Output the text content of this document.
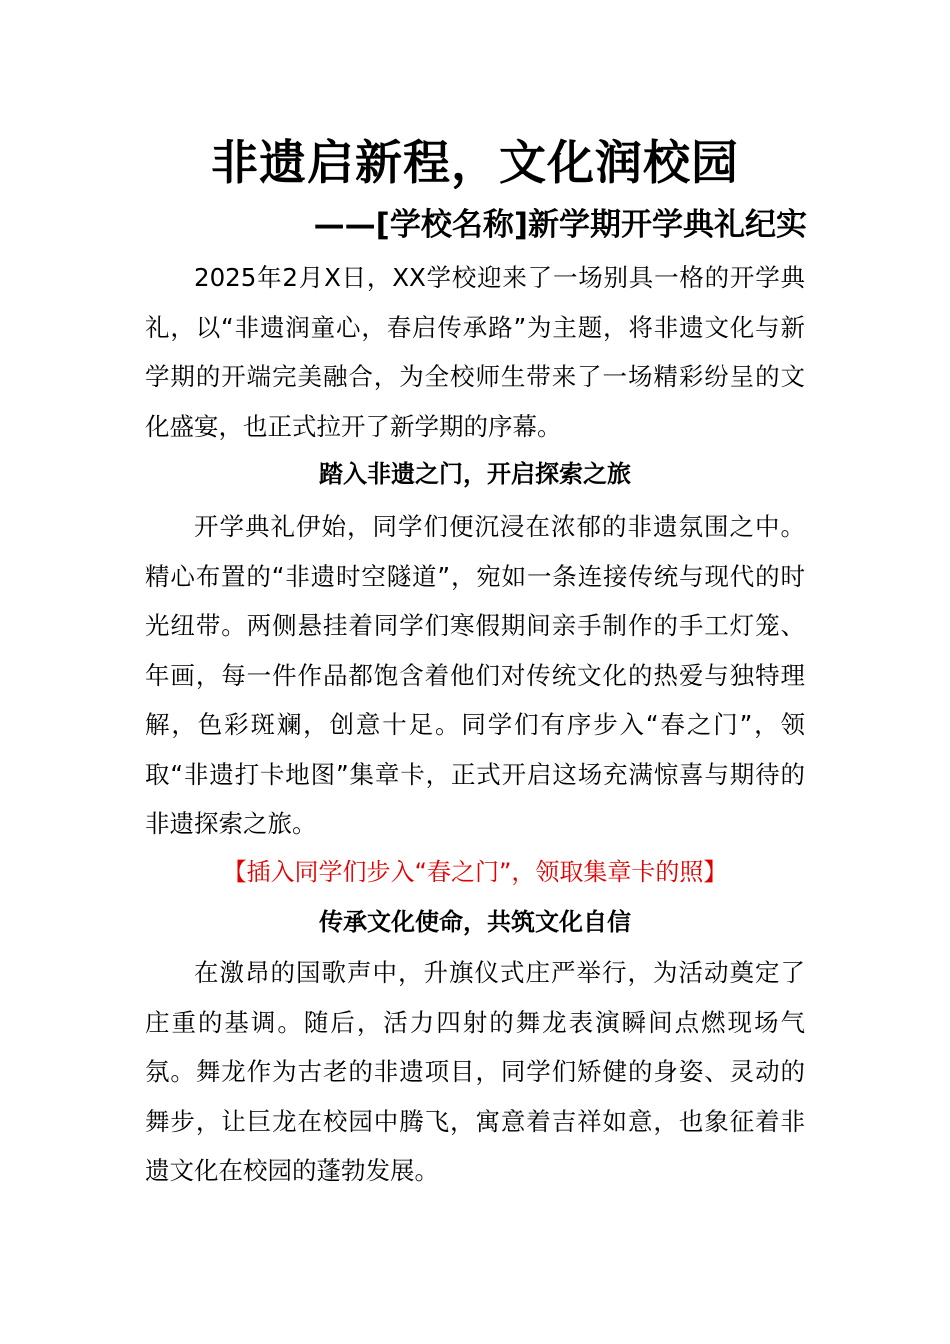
非遗启新程，文化润校园
——[学校名称]新学期开学典礼纪实

2025年2月X日，XX学校迎来了一场别具一格的开学典礼，以“非遗润童心，春启传承路”为主题，将非遗文化与新学期的开端完美融合，为全校师生带来了一场精彩纷呈的文化盛宴，也正式拉开了新学期的序幕。

踏入非遗之门，开启探索之旅

开学典礼伊始，同学们便沉浸在浓郁的非遗氛围之中。精心布置的“非遗时空隧道”，宛如一条连接传统与现代的时光纽带。两侧悬挂着同学们寒假期间亲手制作的手工灯笼、年画，每一件作品都饱含着他们对传统文化的热爱与独特理解，色彩斑斓，创意十足。同学们有序步入“春之门”，领取“非遗打卡地图”集章卡，正式开启这场充满惊喜与期待的非遗探索之旅。

【插入同学们步入“春之门”，领取集章卡的照】
传承文化使命，共筑文化自信

在激昂的国歌声中，升旗仪式庄严举行，为活动奠定了庄重的基调。随后，活力四射的舞龙表演瞬间点燃现场气氛。舞龙作为古老的非遗项目，同学们矫健的身姿、灵动的舞步，让巨龙在校园中腾飞，寓意着吉祥如意，也象征着非遗文化在校园的蓬勃发展。
